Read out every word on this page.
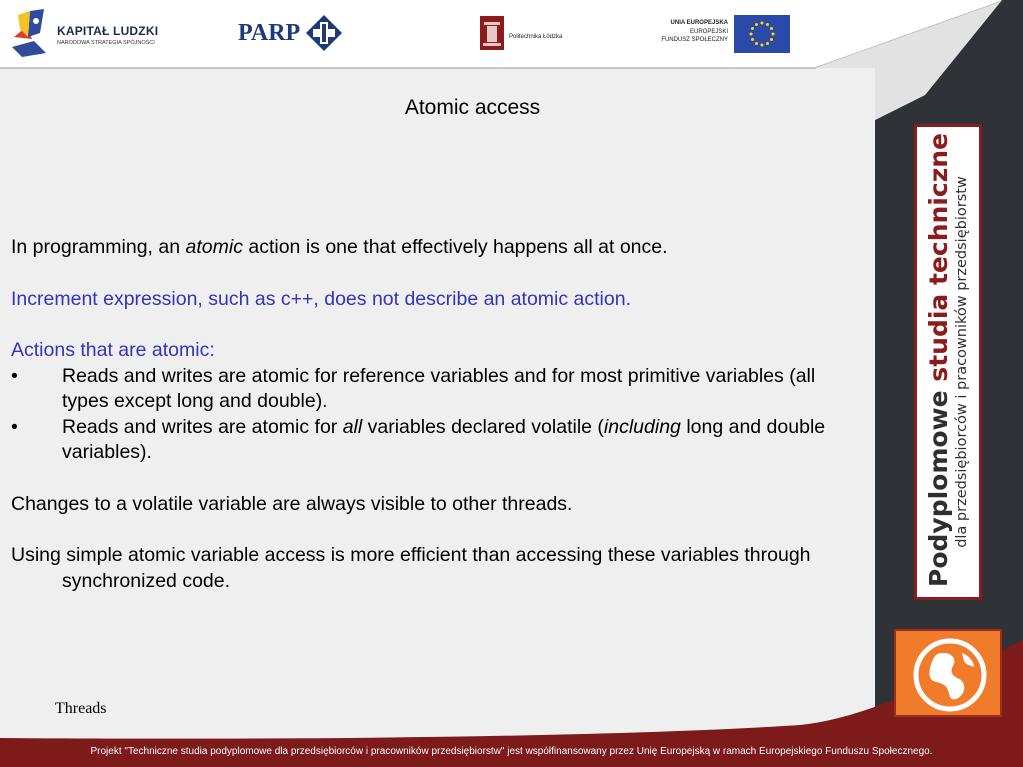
KAPITAŁ LUDZKI
NARODOWA STRATEGIA SPÓJNOŚCI	PARP	Politechnika Łódzka
UNIA EUROPEJSKA
EUROPEJSKI
FUNDUSZ SPOŁECZNY
Atomic access

In programming, an atomic action is one that effectively happens all at once.

Increment expression, such as c++, does not describe an atomic action.

Actions that are atomic:

• Reads and writes are atomic for reference variables and for most primitive variables (all types except long and double).

• Reads and writes are atomic for all variables declared volatile (including long and double variables).

Changes to a volatile variable are always visible to other threads.

Using simple atomic variable access is more efficient than accessing these variables through synchronized code.	Podyplomowe studia techniczne dla przedsiębiorców i pracowników przedsiębiorstw
Threads
Projekt "Techniczne studia podyplomowe dla przedsiębiorców i pracowników przedsiębiorstw" jest współfinansowany przez Unię Europejską w ramach Europejskiego Funduszu Społecznego.
